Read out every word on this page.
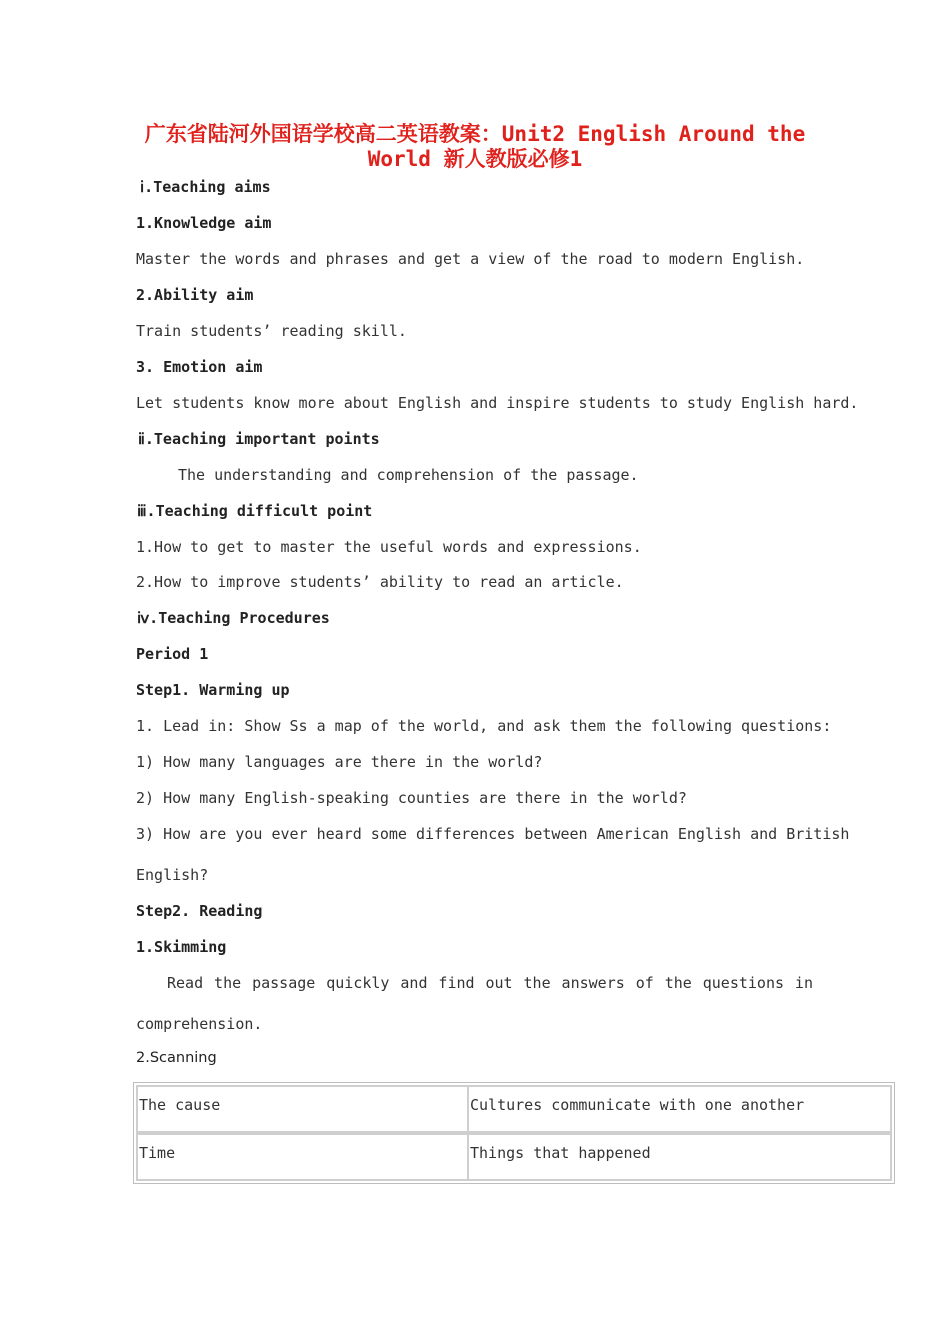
广东省陆河外国语学校高二英语教案：Unit2 English Around the
World 新人教版必修1
ⅰ.Teaching aims
1.Knowledge aim
Master the words and phrases and get a view of the road to modern English.
2.Ability aim
Train students’ reading skill.
3. Emotion aim
Let students know more about English and inspire students to study English hard.
ⅱ.Teaching important points
The understanding and comprehension of the passage.
ⅲ.Teaching difficult point
1.How to get to master the useful words and expressions.
2.How to improve students’ ability to read an article.
ⅳ.Teaching Procedures
Period 1
Step1. Warming up
1. Lead in: Show Ss a map of the world, and ask them the following questions:
1) How many languages are there in the world?
2) How many English-speaking counties are there in the world?
3) How are you ever heard some differences between American English and British
English?
Step2. Reading
1.Skimming
Read the passage quickly and find out the answers of the questions in
comprehension.
2.Scanning
The cause	Cultures communicate with one another
Time	Things that happened
